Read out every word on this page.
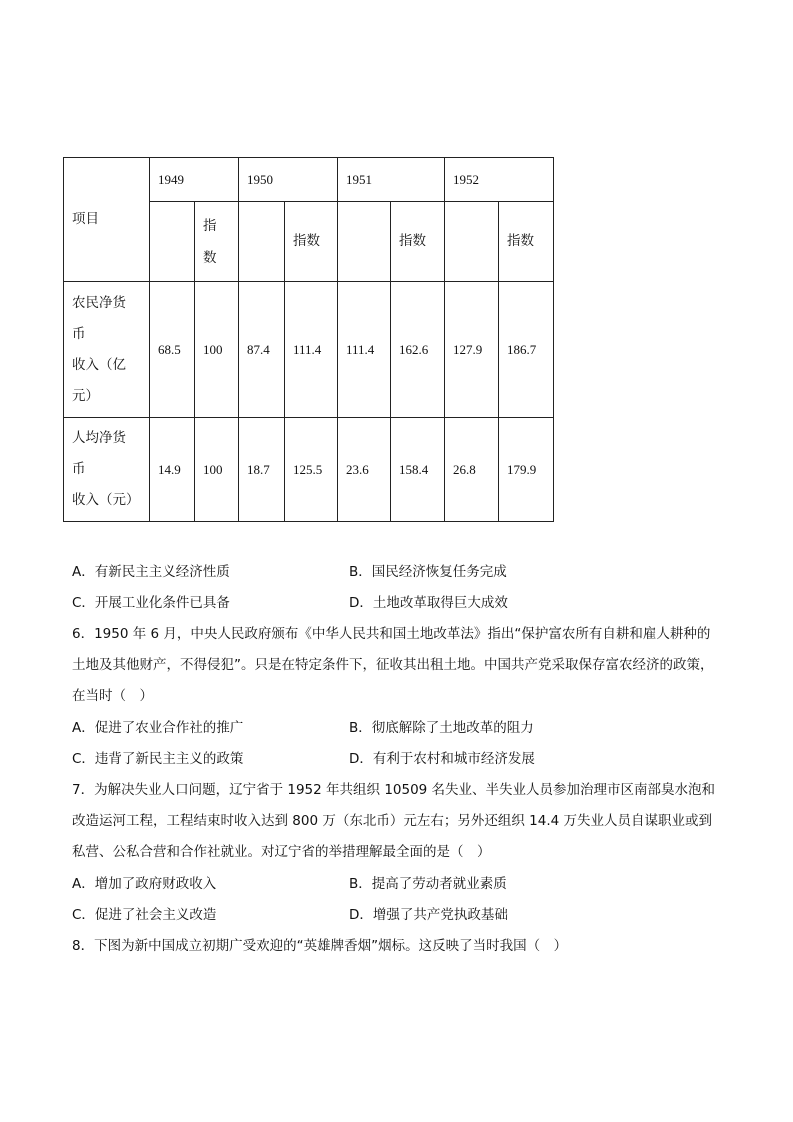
项目	1949		1950		1951		1952	

		指
数		指数		指数		指数

农民净货
币
收入（亿
元）	68.5	100	87.4	111.4	111.4	162.6	127.9	186.7

人均净货
币
收入（元）	14.9	100	18.7	125.5	23.6	158.4	26.8	179.9
A．有新民主主义经济性质	B．国民经济恢复任务完成
C．开展工业化条件已具备	D．土地改革取得巨大成效
6．1950 年 6 月，中央人民政府颁布《中华人民共和国土地改革法》指出“保护富农所有自耕和雇人耕种的
土地及其他财产，不得侵犯”。只是在特定条件下，征收其出租土地。中国共产党采取保存富农经济的政策，
在当时（　）
A．促进了农业合作社的推广	B．彻底解除了土地改革的阻力
C．违背了新民主主义的政策	D．有利于农村和城市经济发展
7．为解决失业人口问题，辽宁省于 1952 年共组织 10509 名失业、半失业人员参加治理市区南部臭水泡和
改造运河工程，工程结束时收入达到 800 万（东北币）元左右；另外还组织 14.4 万失业人员自谋职业或到
私营、公私合营和合作社就业。对辽宁省的举措理解最全面的是（　）
A．增加了政府财政收入	B．提高了劳动者就业素质
C．促进了社会主义改造	D．增强了共产党执政基础
8．下图为新中国成立初期广受欢迎的“英雄牌香烟”烟标。这反映了当时我国（　）
